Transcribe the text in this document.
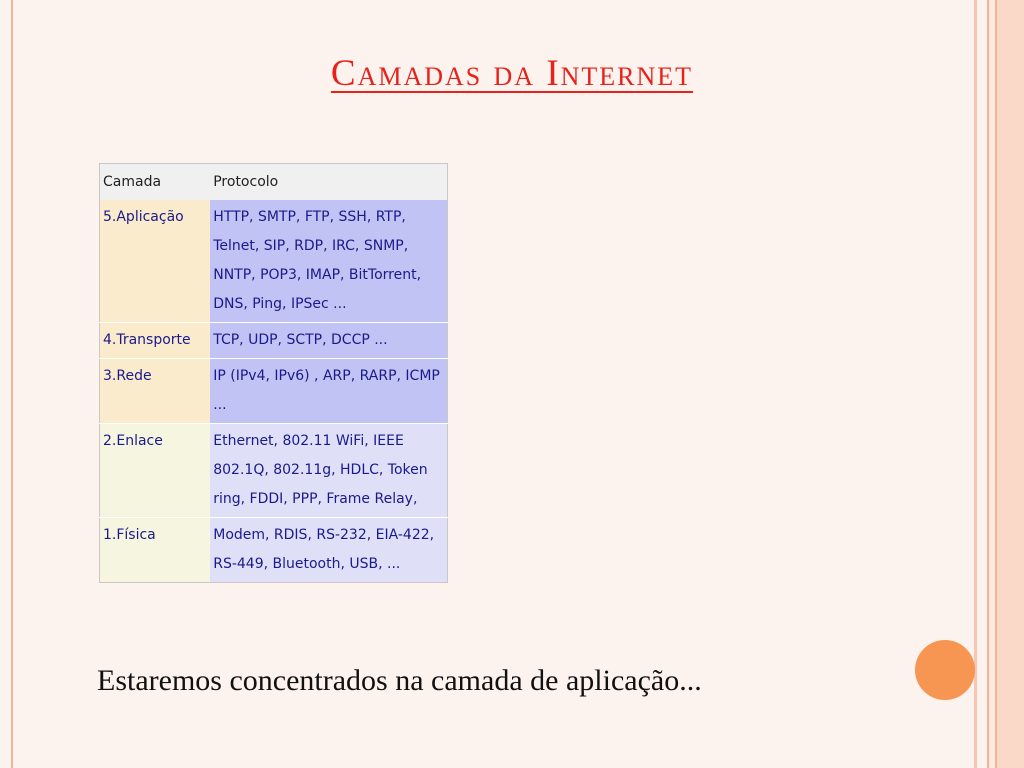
Camadas da Internet
Camada	Protocolo
5.Aplicação	HTTP, SMTP, FTP, SSH, RTP, Telnet, SIP, RDP, IRC, SNMP, NNTP, POP3, IMAP, BitTorrent, DNS, Ping, IPSec ...
4.Transporte	TCP, UDP, SCTP, DCCP ...
3.Rede	IP (IPv4, IPv6) , ARP, RARP, ICMP ...
2.Enlace	Ethernet, 802.11 WiFi, IEEE 802.1Q, 802.11g, HDLC, Token ring, FDDI, PPP, Frame Relay,
1.Física	Modem, RDIS, RS-232, EIA-422, RS-449, Bluetooth, USB, ...
Estaremos concentrados na camada de aplicação...
